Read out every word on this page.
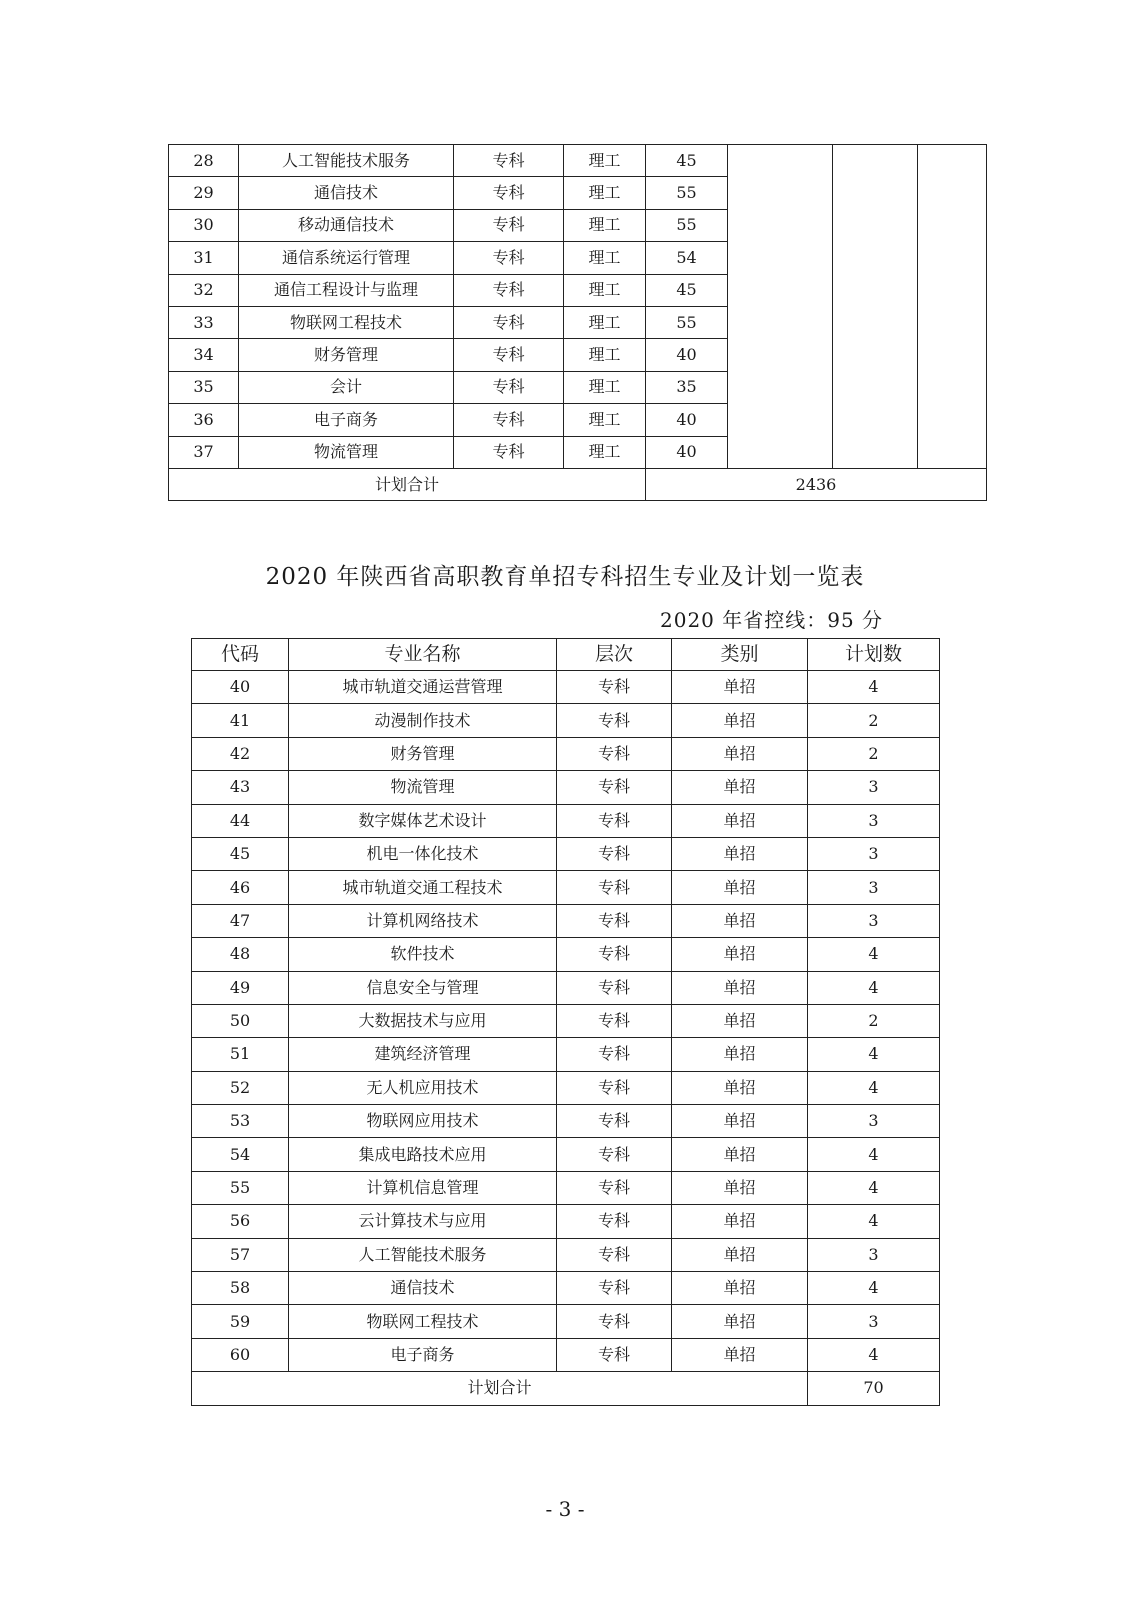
28	人工智能技术服务	专科	理工	45			
29	通信技术	专科	理工	55			
30	移动通信技术	专科	理工	55			
31	通信系统运行管理	专科	理工	54			
32	通信工程设计与监理	专科	理工	45			
33	物联网工程技术	专科	理工	55			
34	财务管理	专科	理工	40			
35	会计	专科	理工	35			
36	电子商务	专科	理工	40			
37	物流管理	专科	理工	40			
计划合计				2436			
2020 年陕西省高职教育单招专科招生专业及计划一览表
2020 年省控线：95 分
代码	专业名称	层次	类别	计划数
40	城市轨道交通运营管理	专科	单招	4
41	动漫制作技术	专科	单招	2
42	财务管理	专科	单招	2
43	物流管理	专科	单招	3
44	数字媒体艺术设计	专科	单招	3
45	机电一体化技术	专科	单招	3
46	城市轨道交通工程技术	专科	单招	3
47	计算机网络技术	专科	单招	3
48	软件技术	专科	单招	4
49	信息安全与管理	专科	单招	4
50	大数据技术与应用	专科	单招	2
51	建筑经济管理	专科	单招	4
52	无人机应用技术	专科	单招	4
53	物联网应用技术	专科	单招	3
54	集成电路技术应用	专科	单招	4
55	计算机信息管理	专科	单招	4
56	云计算技术与应用	专科	单招	4
57	人工智能技术服务	专科	单招	3
58	通信技术	专科	单招	4
59	物联网工程技术	专科	单招	3
60	电子商务	专科	单招	4
计划合计				70
- 3 -
